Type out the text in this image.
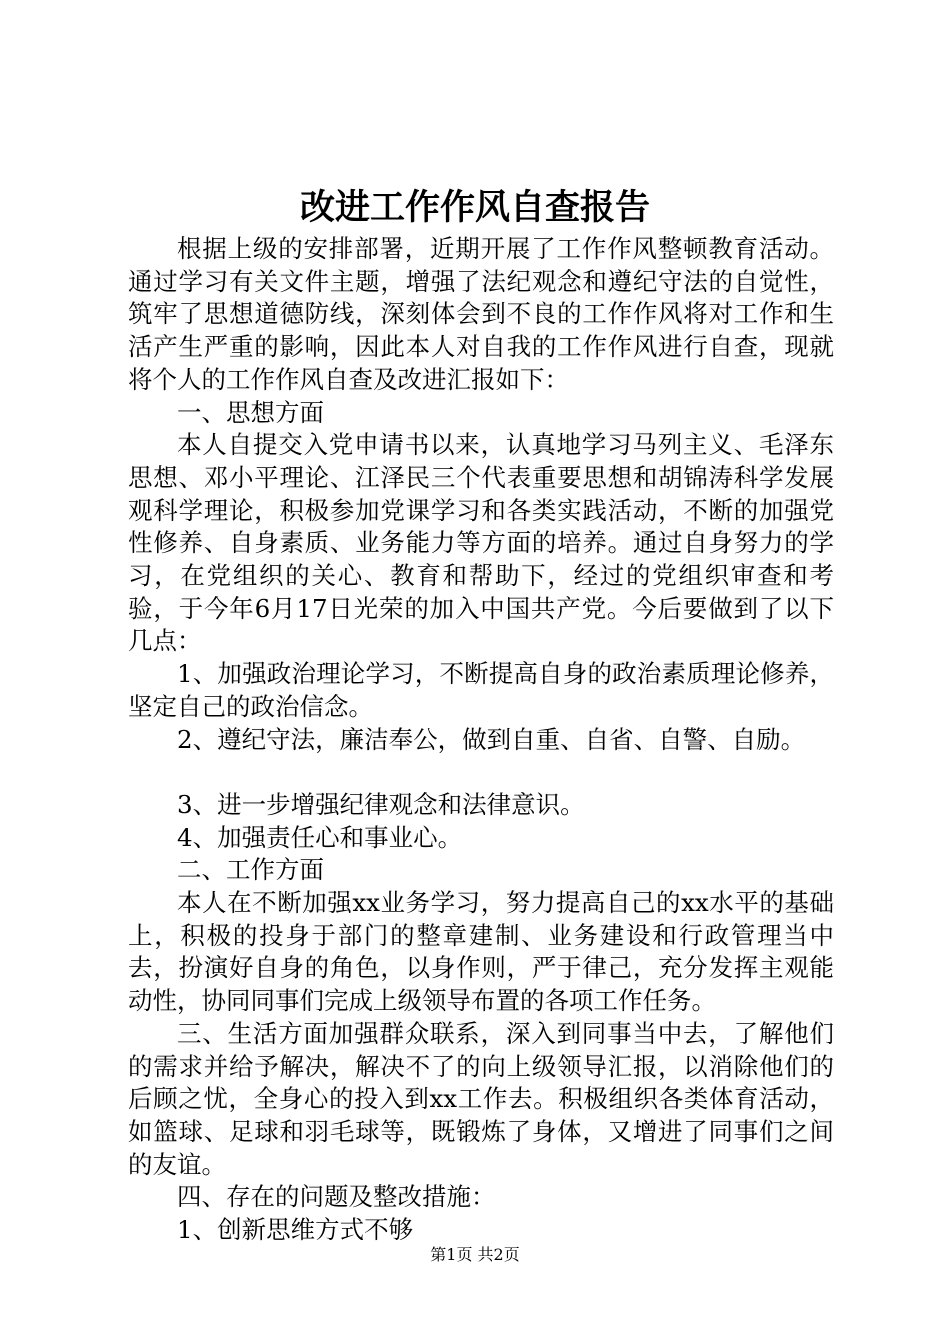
改进工作作风自查报告

根据上级的安排部署，近期开展了工作作风整顿教育活动。通过学习有关文件主题，增强了法纪观念和遵纪守法的自觉性，筑牢了思想道德防线，深刻体会到不良的工作作风将对工作和生活产生严重的影响，因此本人对自我的工作作风进行自查，现就将个人的工作作风自查及改进汇报如下：

一、思想方面

本人自提交入党申请书以来，认真地学习马列主义、毛泽东思想、邓小平理论、江泽民三个代表重要思想和胡锦涛科学发展观科学理论，积极参加党课学习和各类实践活动，不断的加强党性修养、自身素质、业务能力等方面的培养。通过自身努力的学习，在党组织的关心、教育和帮助下，经过的党组织审查和考验，于今年6月17日光荣的加入中国共产党。今后要做到了以下几点：

1、加强政治理论学习，不断提高自身的政治素质理论修养，坚定自己的政治信念。

2、遵纪守法，廉洁奉公，做到自重、自省、自警、自励。

3、进一步增强纪律观念和法律意识。

4、加强责任心和事业心。

二、工作方面

本人在不断加强xx业务学习，努力提高自己的xx水平的基础上，积极的投身于部门的整章建制、业务建设和行政管理当中去，扮演好自身的角色，以身作则，严于律己，充分发挥主观能动性，协同同事们完成上级领导布置的各项工作任务。

三、生活方面加强群众联系，深入到同事当中去，了解他们的需求并给予解决，解决不了的向上级领导汇报，以消除他们的后顾之忧，全身心的投入到xx工作去。积极组织各类体育活动，如篮球、足球和羽毛球等，既锻炼了身体，又增进了同事们之间的友谊。

四、存在的问题及整改措施：

1、创新思维方式不够

第1页 共2页
